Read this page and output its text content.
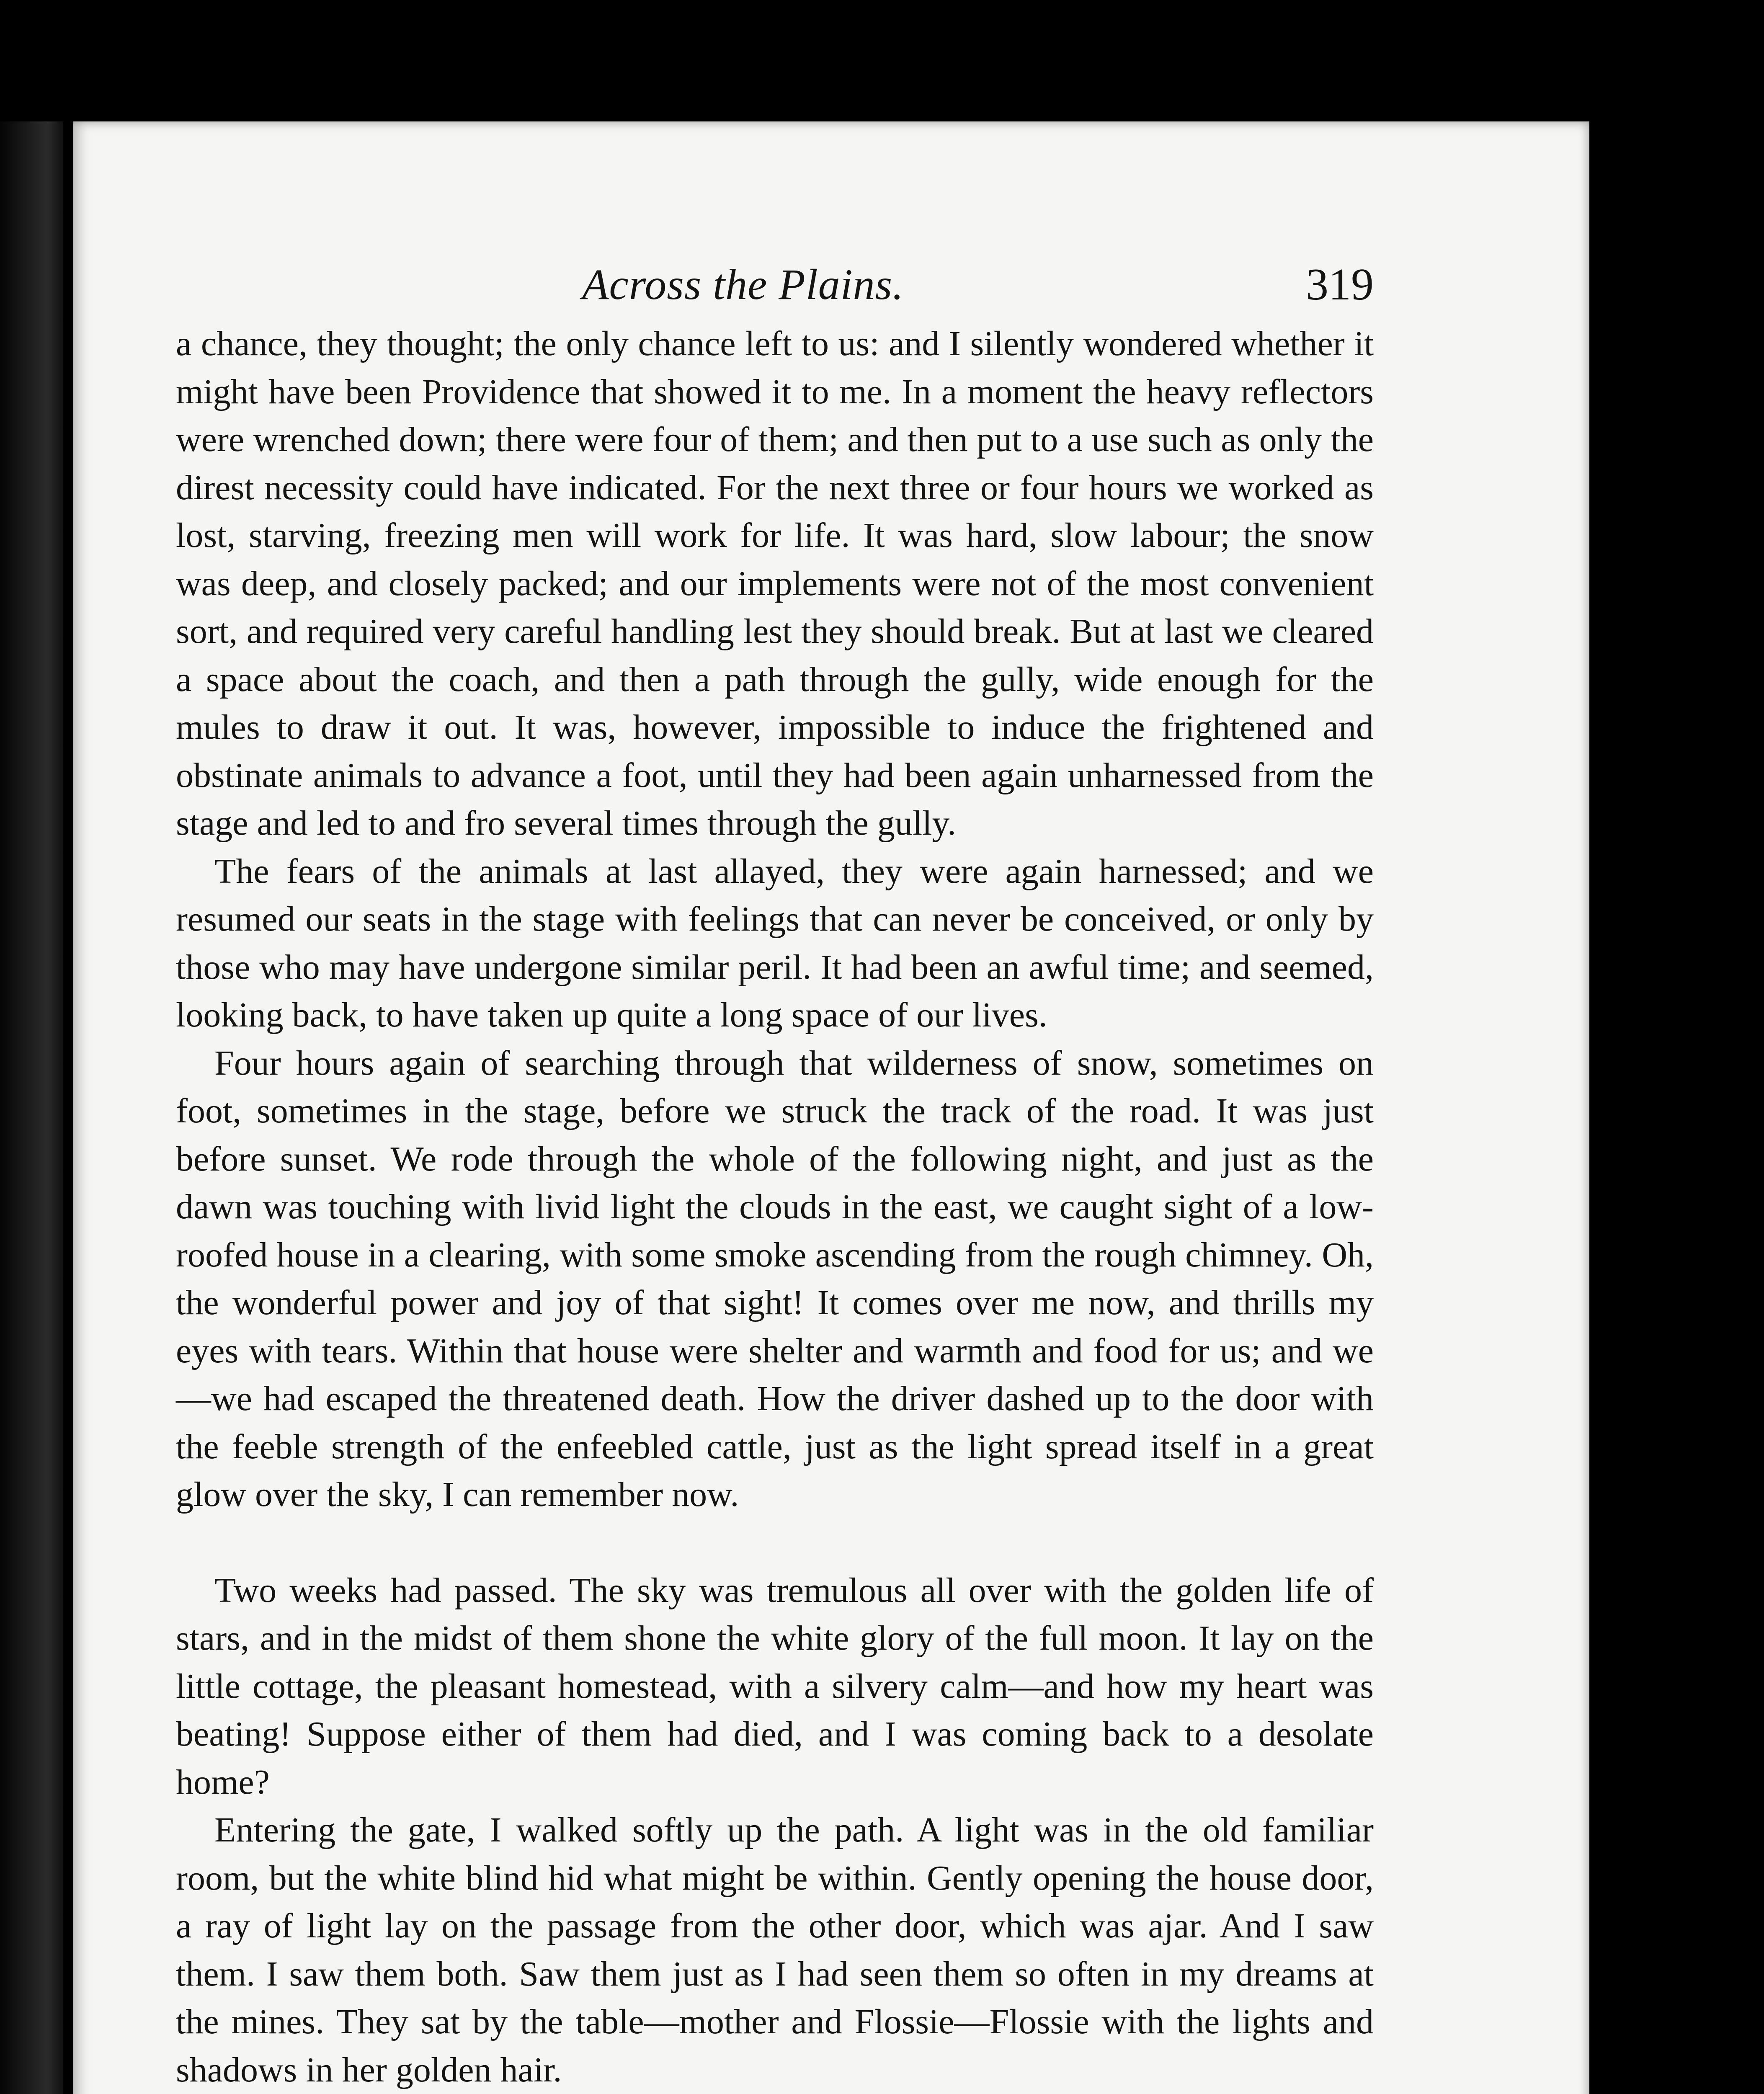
Across the Plains.	319

a chance, they thought; the only chance left to us: and I silently wondered whether it might have been Providence that showed it to me. In a moment the heavy reflectors were wrenched down; there were four of them; and then put to a use such as only the direst necessity could have indicated. For the next three or four hours we worked as lost, starving, freezing men will work for life. It was hard, slow labour; the snow was deep, and closely packed; and our implements were not of the most convenient sort, and required very careful handling lest they should break. But at last we cleared a space about the coach, and then a path through the gully, wide enough for the mules to draw it out. It was, however, impossible to induce the frightened and obstinate animals to advance a foot, until they had been again unharnessed from the stage and led to and fro several times through the gully.

The fears of the animals at last allayed, they were again harnessed; and we resumed our seats in the stage with feelings that can never be conceived, or only by those who may have undergone similar peril. It had been an awful time; and seemed, looking back, to have taken up quite a long space of our lives.

Four hours again of searching through that wilderness of snow, sometimes on foot, sometimes in the stage, before we struck the track of the road. It was just before sunset. We rode through the whole of the following night, and just as the dawn was touching with livid light the clouds in the east, we caught sight of a low-roofed house in a clearing, with some smoke ascending from the rough chimney. Oh, the wonderful power and joy of that sight! It comes over me now, and thrills my eyes with tears. Within that house were shelter and warmth and food for us; and we—we had escaped the threatened death. How the driver dashed up to the door with the feeble strength of the enfeebled cattle, just as the light spread itself in a great glow over the sky, I can remember now.

Two weeks had passed. The sky was tremulous all over with the golden life of stars, and in the midst of them shone the white glory of the full moon. It lay on the little cottage, the pleasant homestead, with a silvery calm—and how my heart was beating! Suppose either of them had died, and I was coming back to a desolate home?

Entering the gate, I walked softly up the path. A light was in the old familiar room, but the white blind hid what might be within. Gently opening the house door, a ray of light lay on the passage from the other door, which was ajar. And I saw them. I saw them both. Saw them just as I had seen them so often in my dreams at the mines. They sat by the table—mother and Flossie—Flossie with the lights and shadows in her golden hair.
